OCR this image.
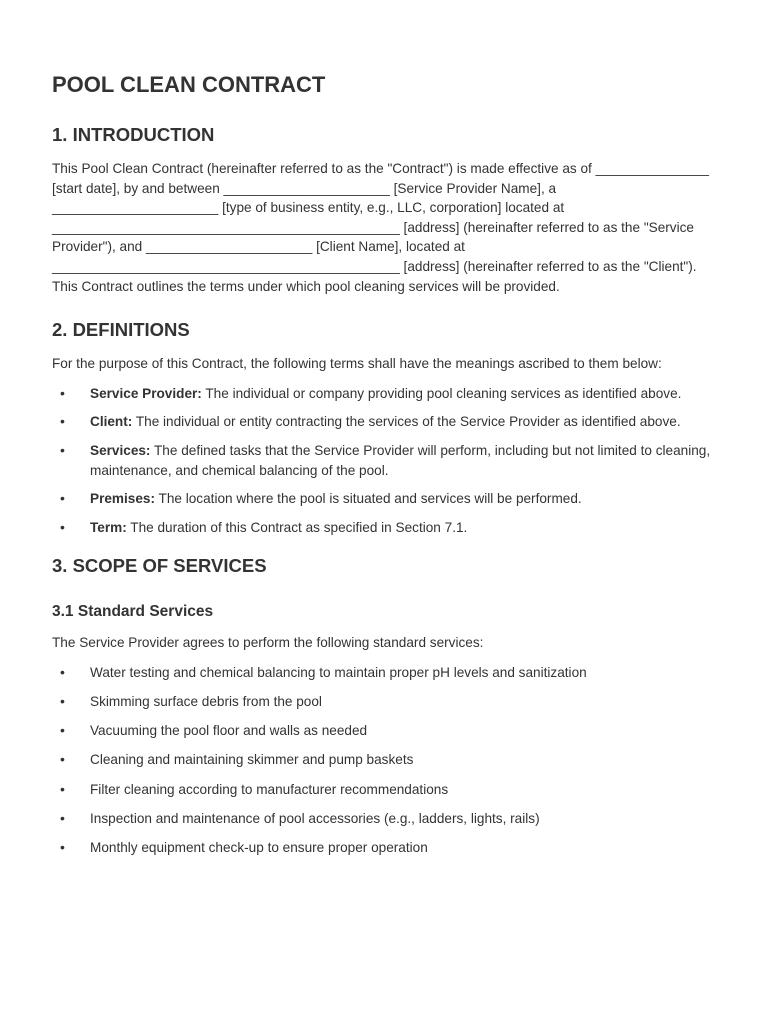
POOL CLEAN CONTRACT
1. INTRODUCTION

This Pool Clean Contract (hereinafter referred to as the "Contract") is made effective as of _______________ [start date], by and between ______________________ [Service Provider Name], a ______________________ [type of business entity, e.g., LLC, corporation] located at ______________________________________________ [address] (hereinafter referred to as the "Service Provider"), and ______________________ [Client Name], located at ______________________________________________ [address] (hereinafter referred to as the "Client"). This Contract outlines the terms under which pool cleaning services will be provided.

2. DEFINITIONS

For the purpose of this Contract, the following terms shall have the meanings ascribed to them below:

• Service Provider: The individual or company providing pool cleaning services as identified above.
• Client: The individual or entity contracting the services of the Service Provider as identified above.
• Services: The defined tasks that the Service Provider will perform, including but not limited to cleaning, maintenance, and chemical balancing of the pool.
• Premises: The location where the pool is situated and services will be performed.
• Term: The duration of this Contract as specified in Section 7.1.
3. SCOPE OF SERVICES
3.1 Standard Services

The Service Provider agrees to perform the following standard services:

• Water testing and chemical balancing to maintain proper pH levels and sanitization
• Skimming surface debris from the pool
• Vacuuming the pool floor and walls as needed
• Cleaning and maintaining skimmer and pump baskets
• Filter cleaning according to manufacturer recommendations
• Inspection and maintenance of pool accessories (e.g., ladders, lights, rails)
• Monthly equipment check-up to ensure proper operation
